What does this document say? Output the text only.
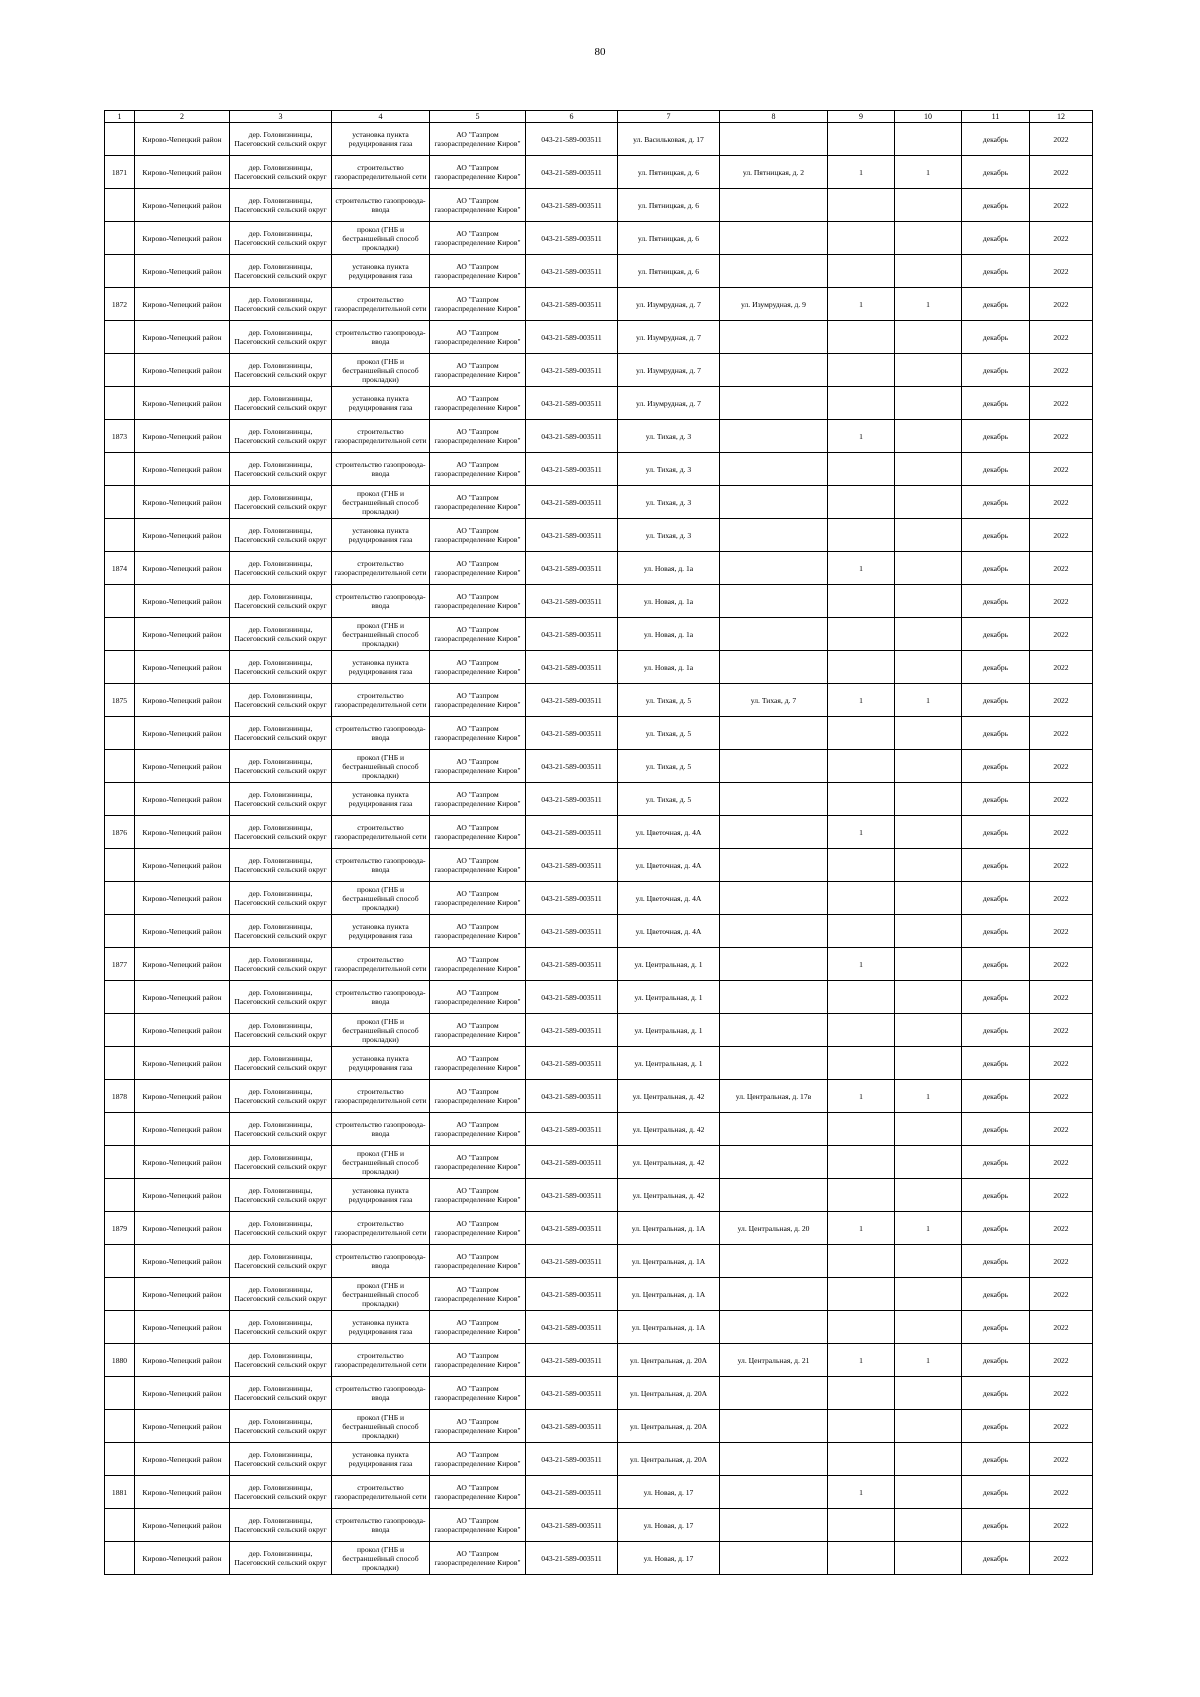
80
1	2	3	4	5	6	7	8	9	10	11	12

	Кирово-Чепецкий район	дер. Головизнинцы, Пасеговский сельский округ	установка пункта редуцирования газа	АО "Газпром газораспределение Киров"	043-21-589-003511	ул. Васильковая, д. 17				декабрь	2022

1871	Кирово-Чепецкий район	дер. Головизнинцы, Пасеговский сельский округ	строительство газораспределительной сети	АО "Газпром газораспределение Киров"	043-21-589-003511	ул. Пятницкая, д. 6	ул. Пятницкая, д. 2	1	1	декабрь	2022

	Кирово-Чепецкий район	дер. Головизнинцы, Пасеговский сельский округ	строительство газопровода-ввода	АО "Газпром газораспределение Киров"	043-21-589-003511	ул. Пятницкая, д. 6				декабрь	2022

	Кирово-Чепецкий район	дер. Головизнинцы, Пасеговский сельский округ	прокол (ГНБ и бестраншейный способ прокладки)	АО "Газпром газораспределение Киров"	043-21-589-003511	ул. Пятницкая, д. 6				декабрь	2022

	Кирово-Чепецкий район	дер. Головизнинцы, Пасеговский сельский округ	установка пункта редуцирования газа	АО "Газпром газораспределение Киров"	043-21-589-003511	ул. Пятницкая, д. 6				декабрь	2022

1872	Кирово-Чепецкий район	дер. Головизнинцы, Пасеговский сельский округ	строительство газораспределительной сети	АО "Газпром газораспределение Киров"	043-21-589-003511	ул. Изумрудная, д. 7	ул. Изумрудная, д. 9	1	1	декабрь	2022

	Кирово-Чепецкий район	дер. Головизнинцы, Пасеговский сельский округ	строительство газопровода-ввода	АО "Газпром газораспределение Киров"	043-21-589-003511	ул. Изумрудная, д. 7				декабрь	2022

	Кирово-Чепецкий район	дер. Головизнинцы, Пасеговский сельский округ	прокол (ГНБ и бестраншейный способ прокладки)	АО "Газпром газораспределение Киров"	043-21-589-003511	ул. Изумрудная, д. 7				декабрь	2022

	Кирово-Чепецкий район	дер. Головизнинцы, Пасеговский сельский округ	установка пункта редуцирования газа	АО "Газпром газораспределение Киров"	043-21-589-003511	ул. Изумрудная, д. 7				декабрь	2022

1873	Кирово-Чепецкий район	дер. Головизнинцы, Пасеговский сельский округ	строительство газораспределительной сети	АО "Газпром газораспределение Киров"	043-21-589-003511	ул. Тихая, д. 3		1		декабрь	2022

	Кирово-Чепецкий район	дер. Головизнинцы, Пасеговский сельский округ	строительство газопровода-ввода	АО "Газпром газораспределение Киров"	043-21-589-003511	ул. Тихая, д. 3				декабрь	2022

	Кирово-Чепецкий район	дер. Головизнинцы, Пасеговский сельский округ	прокол (ГНБ и бестраншейный способ прокладки)	АО "Газпром газораспределение Киров"	043-21-589-003511	ул. Тихая, д. 3				декабрь	2022

	Кирово-Чепецкий район	дер. Головизнинцы, Пасеговский сельский округ	установка пункта редуцирования газа	АО "Газпром газораспределение Киров"	043-21-589-003511	ул. Тихая, д. 3				декабрь	2022

1874	Кирово-Чепецкий район	дер. Головизнинцы, Пасеговский сельский округ	строительство газораспределительной сети	АО "Газпром газораспределение Киров"	043-21-589-003511	ул. Новая, д. 1а		1		декабрь	2022

	Кирово-Чепецкий район	дер. Головизнинцы, Пасеговский сельский округ	строительство газопровода-ввода	АО "Газпром газораспределение Киров"	043-21-589-003511	ул. Новая, д. 1а				декабрь	2022

	Кирово-Чепецкий район	дер. Головизнинцы, Пасеговский сельский округ	прокол (ГНБ и бестраншейный способ прокладки)	АО "Газпром газораспределение Киров"	043-21-589-003511	ул. Новая, д. 1а				декабрь	2022

	Кирово-Чепецкий район	дер. Головизнинцы, Пасеговский сельский округ	установка пункта редуцирования газа	АО "Газпром газораспределение Киров"	043-21-589-003511	ул. Новая, д. 1а				декабрь	2022

1875	Кирово-Чепецкий район	дер. Головизнинцы, Пасеговский сельский округ	строительство газораспределительной сети	АО "Газпром газораспределение Киров"	043-21-589-003511	ул. Тихая, д. 5	ул. Тихая, д. 7	1	1	декабрь	2022

	Кирово-Чепецкий район	дер. Головизнинцы, Пасеговский сельский округ	строительство газопровода-ввода	АО "Газпром газораспределение Киров"	043-21-589-003511	ул. Тихая, д. 5				декабрь	2022

	Кирово-Чепецкий район	дер. Головизнинцы, Пасеговский сельский округ	прокол (ГНБ и бестраншейный способ прокладки)	АО "Газпром газораспределение Киров"	043-21-589-003511	ул. Тихая, д. 5				декабрь	2022

	Кирово-Чепецкий район	дер. Головизнинцы, Пасеговский сельский округ	установка пункта редуцирования газа	АО "Газпром газораспределение Киров"	043-21-589-003511	ул. Тихая, д. 5				декабрь	2022

1876	Кирово-Чепецкий район	дер. Головизнинцы, Пасеговский сельский округ	строительство газораспределительной сети	АО "Газпром газораспределение Киров"	043-21-589-003511	ул. Цветочная, д. 4А		1		декабрь	2022

	Кирово-Чепецкий район	дер. Головизнинцы, Пасеговский сельский округ	строительство газопровода-ввода	АО "Газпром газораспределение Киров"	043-21-589-003511	ул. Цветочная, д. 4А				декабрь	2022

	Кирово-Чепецкий район	дер. Головизнинцы, Пасеговский сельский округ	прокол (ГНБ и бестраншейный способ прокладки)	АО "Газпром газораспределение Киров"	043-21-589-003511	ул. Цветочная, д. 4А				декабрь	2022

	Кирово-Чепецкий район	дер. Головизнинцы, Пасеговский сельский округ	установка пункта редуцирования газа	АО "Газпром газораспределение Киров"	043-21-589-003511	ул. Цветочная, д. 4А				декабрь	2022

1877	Кирово-Чепецкий район	дер. Головизнинцы, Пасеговский сельский округ	строительство газораспределительной сети	АО "Газпром газораспределение Киров"	043-21-589-003511	ул. Центральная, д. 1		1		декабрь	2022

	Кирово-Чепецкий район	дер. Головизнинцы, Пасеговский сельский округ	строительство газопровода-ввода	АО "Газпром газораспределение Киров"	043-21-589-003511	ул. Центральная, д. 1				декабрь	2022

	Кирово-Чепецкий район	дер. Головизнинцы, Пасеговский сельский округ	прокол (ГНБ и бестраншейный способ прокладки)	АО "Газпром газораспределение Киров"	043-21-589-003511	ул. Центральная, д. 1				декабрь	2022

	Кирово-Чепецкий район	дер. Головизнинцы, Пасеговский сельский округ	установка пункта редуцирования газа	АО "Газпром газораспределение Киров"	043-21-589-003511	ул. Центральная, д. 1				декабрь	2022

1878	Кирово-Чепецкий район	дер. Головизнинцы, Пасеговский сельский округ	строительство газораспределительной сети	АО "Газпром газораспределение Киров"	043-21-589-003511	ул. Центральная, д. 42	ул. Центральная, д. 17в	1	1	декабрь	2022

	Кирово-Чепецкий район	дер. Головизнинцы, Пасеговский сельский округ	строительство газопровода-ввода	АО "Газпром газораспределение Киров"	043-21-589-003511	ул. Центральная, д. 42				декабрь	2022

	Кирово-Чепецкий район	дер. Головизнинцы, Пасеговский сельский округ	прокол (ГНБ и бестраншейный способ прокладки)	АО "Газпром газораспределение Киров"	043-21-589-003511	ул. Центральная, д. 42				декабрь	2022

	Кирово-Чепецкий район	дер. Головизнинцы, Пасеговский сельский округ	установка пункта редуцирования газа	АО "Газпром газораспределение Киров"	043-21-589-003511	ул. Центральная, д. 42				декабрь	2022

1879	Кирово-Чепецкий район	дер. Головизнинцы, Пасеговский сельский округ	строительство газораспределительной сети	АО "Газпром газораспределение Киров"	043-21-589-003511	ул. Центральная, д. 1А	ул. Центральная, д. 20	1	1	декабрь	2022

	Кирово-Чепецкий район	дер. Головизнинцы, Пасеговский сельский округ	строительство газопровода-ввода	АО "Газпром газораспределение Киров"	043-21-589-003511	ул. Центральная, д. 1А				декабрь	2022

	Кирово-Чепецкий район	дер. Головизнинцы, Пасеговский сельский округ	прокол (ГНБ и бестраншейный способ прокладки)	АО "Газпром газораспределение Киров"	043-21-589-003511	ул. Центральная, д. 1А				декабрь	2022

	Кирово-Чепецкий район	дер. Головизнинцы, Пасеговский сельский округ	установка пункта редуцирования газа	АО "Газпром газораспределение Киров"	043-21-589-003511	ул. Центральная, д. 1А				декабрь	2022

1880	Кирово-Чепецкий район	дер. Головизнинцы, Пасеговский сельский округ	строительство газораспределительной сети	АО "Газпром газораспределение Киров"	043-21-589-003511	ул. Центральная, д. 20А	ул. Центральная, д. 21	1	1	декабрь	2022

	Кирово-Чепецкий район	дер. Головизнинцы, Пасеговский сельский округ	строительство газопровода-ввода	АО "Газпром газораспределение Киров"	043-21-589-003511	ул. Центральная, д. 20А				декабрь	2022

	Кирово-Чепецкий район	дер. Головизнинцы, Пасеговский сельский округ	прокол (ГНБ и бестраншейный способ прокладки)	АО "Газпром газораспределение Киров"	043-21-589-003511	ул. Центральная, д. 20А				декабрь	2022

	Кирово-Чепецкий район	дер. Головизнинцы, Пасеговский сельский округ	установка пункта редуцирования газа	АО "Газпром газораспределение Киров"	043-21-589-003511	ул. Центральная, д. 20А				декабрь	2022

1881	Кирово-Чепецкий район	дер. Головизнинцы, Пасеговский сельский округ	строительство газораспределительной сети	АО "Газпром газораспределение Киров"	043-21-589-003511	ул. Новая, д. 17		1		декабрь	2022

	Кирово-Чепецкий район	дер. Головизнинцы, Пасеговский сельский округ	строительство газопровода-ввода	АО "Газпром газораспределение Киров"	043-21-589-003511	ул. Новая, д. 17				декабрь	2022

	Кирово-Чепецкий район	дер. Головизнинцы, Пасеговский сельский округ	прокол (ГНБ и бестраншейный способ прокладки)	АО "Газпром газораспределение Киров"	043-21-589-003511	ул. Новая, д. 17				декабрь	2022
